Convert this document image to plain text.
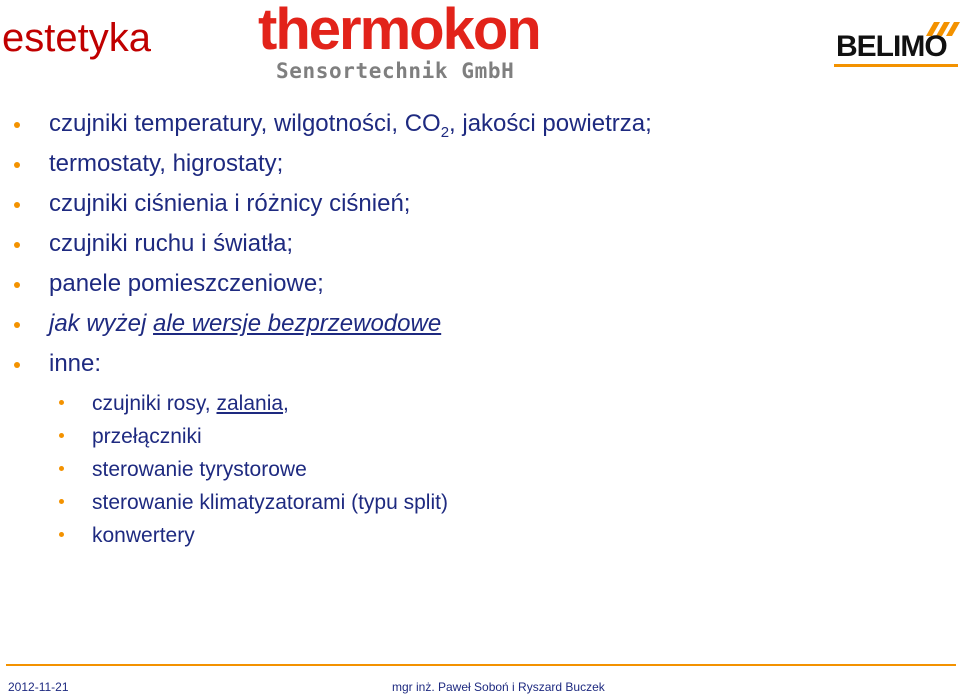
estetyka thermokon
Sensortechnik GmbH
BELIMO
czujniki temperatury, wilgotności, $CO_2$, jakości powietrza;
termostaty, higrostaty;
czujniki ciśnienia i różnicy ciśnień;
czujniki ruchu i światła;
panele pomieszczeniowe;
jak wyżej ale wersje bezprzewodowe
inne:
czujniki rosy, zalania,
przełączniki
sterowanie tyrystorowe
sterowanie klimatyzatorami (typu split)
konwertery
2012-11-21	mgr inż. Paweł Soboń i Ryszard Buczek
